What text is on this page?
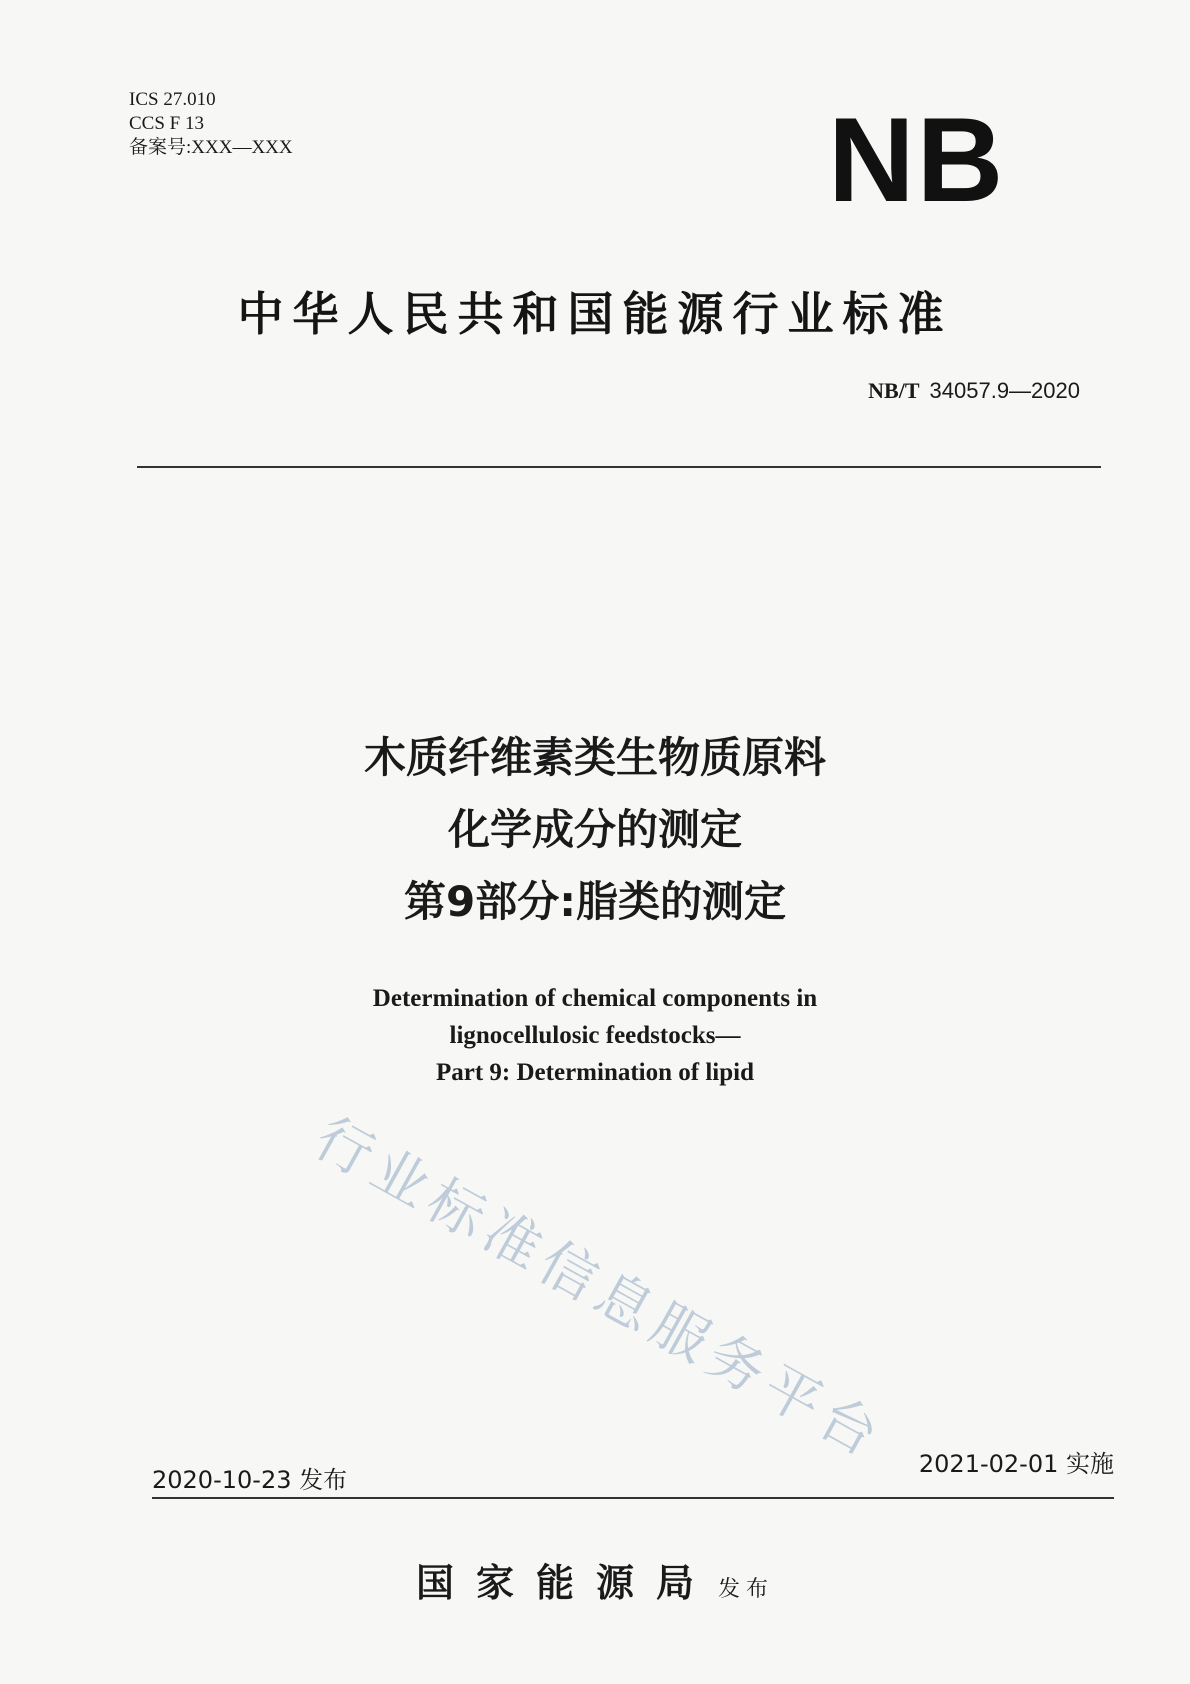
ICS 27.010
CCS F 13
备案号:XXX—XXX	NB
中华人民共和国能源行业标准
NB/T 34057.9—2020
木质纤维素类生物质原料
化学成分的测定
第9部分:脂类的测定
Determination of chemical components in
lignocellulosic feedstocks—
Part 9: Determination of lipid
行业标准信息服务平台
2020-10-23 发布
2021-02-01 实施
国家能源局发布
